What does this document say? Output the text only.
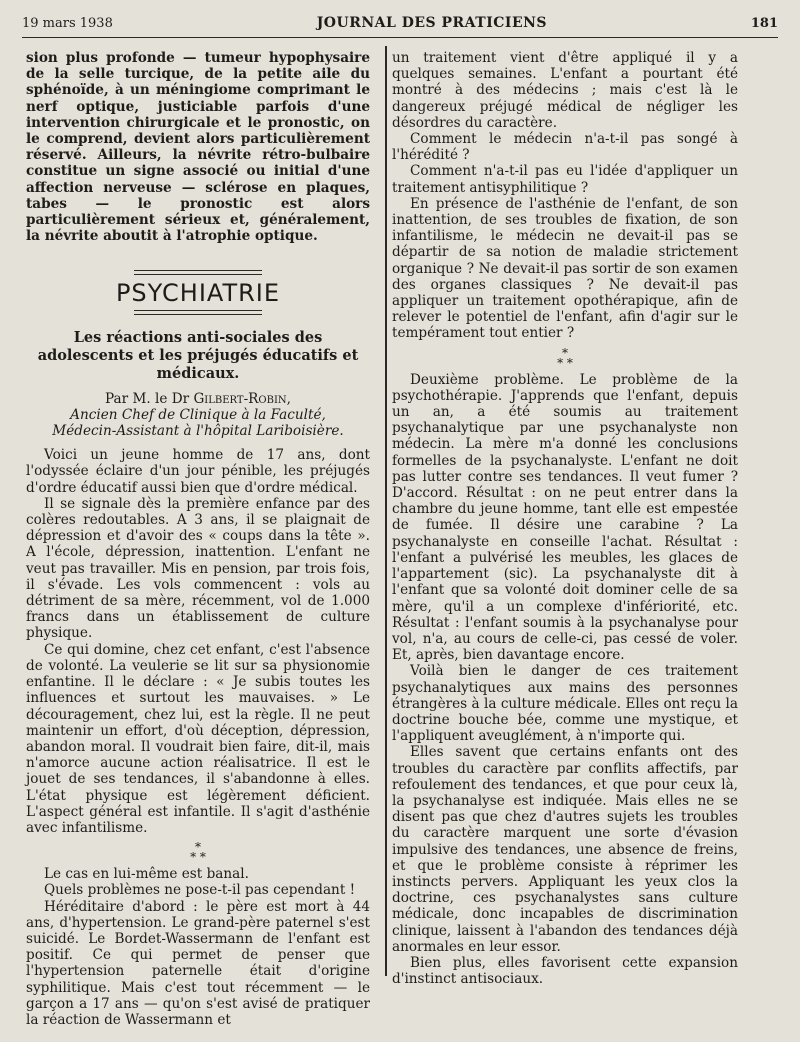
19 mars 1938	JOURNAL DES PRATICIENS	181

sion plus profonde — tumeur hypophysaire de la selle turcique, de la petite aile du sphénoïde, à un méningiome comprimant le nerf optique, justiciable parfois d'une intervention chirurgicale et le pronostic, on le comprend, devient alors particulièrement réservé. Ailleurs, la névrite rétro-bulbaire constitue un signe associé ou initial d'une affection nerveuse — sclérose en plaques, tabes — le pronostic est alors particulièrement sérieux et, généralement, la névrite aboutit à l'atrophie optique.

PSYCHIATRIE
Les réactions anti-sociales des adolescents et les préjugés éducatifs et médicaux.
Par M. le Dr Gilbert-Robin,
Ancien Chef de Clinique à la Faculté,
Médecin-Assistant à l'hôpital Lariboisière.

Voici un jeune homme de 17 ans, dont l'odyssée éclaire d'un jour pénible, les préjugés d'ordre éducatif aussi bien que d'ordre médical.

Il se signale dès la première enfance par des colères redoutables. A 3 ans, il se plaignait de dépression et d'avoir des « coups dans la tête ». A l'école, dépression, inattention. L'enfant ne veut pas travailler. Mis en pension, par trois fois, il s'évade. Les vols commencent : vols au détriment de sa mère, récemment, vol de 1.000 francs dans un établissement de culture physique.

Ce qui domine, chez cet enfant, c'est l'absence de volonté. La veulerie se lit sur sa physionomie enfantine. Il le déclare : « Je subis toutes les influences et surtout les mauvaises. » Le découragement, chez lui, est la règle. Il ne peut maintenir un effort, d'où déception, dépression, abandon moral. Il voudrait bien faire, dit-il, mais n'amorce aucune action réalisatrice. Il est le jouet de ses tendances, il s'abandonne à elles. L'état physique est légèrement déficient. L'aspect général est infantile. Il s'agit d'asthénie avec infantilisme.

*
* *

Le cas en lui-même est banal.

Quels problèmes ne pose-t-il pas cependant !

Héréditaire d'abord : le père est mort à 44 ans, d'hypertension. Le grand-père paternel s'est suicidé. Le Bordet-Wassermann de l'enfant est positif. Ce qui permet de penser que l'hypertension paternelle était d'origine syphilitique. Mais c'est tout récemment — le garçon a 17 ans — qu'on s'est avisé de pratiquer la réaction de Wassermann et

un traitement vient d'être appliqué il y a quelques semaines. L'enfant a pourtant été montré à des médecins ; mais c'est là le dangereux préjugé médical de négliger les désordres du caractère.

Comment le médecin n'a-t-il pas songé à l'hérédité ?

Comment n'a-t-il pas eu l'idée d'appliquer un traitement antisyphilitique ?

En présence de l'asthénie de l'enfant, de son inattention, de ses troubles de fixation, de son infantilisme, le médecin ne devait-il pas se départir de sa notion de maladie strictement organique ? Ne devait-il pas sortir de son examen des organes classiques ? Ne devait-il pas appliquer un traitement opothérapique, afin de relever le potentiel de l'enfant, afin d'agir sur le tempérament tout entier ?

*
* *

Deuxième problème. Le problème de la psychothérapie. J'apprends que l'enfant, depuis un an, a été soumis au traitement psychanalytique par une psychanalyste non médecin. La mère m'a donné les conclusions formelles de la psychanalyste. L'enfant ne doit pas lutter contre ses tendances. Il veut fumer ? D'accord. Résultat : on ne peut entrer dans la chambre du jeune homme, tant elle est empestée de fumée. Il désire une carabine ? La psychanalyste en conseille l'achat. Résultat : l'enfant a pulvérisé les meubles, les glaces de l'appartement (sic). La psychanalyste dit à l'enfant que sa volonté doit dominer celle de sa mère, qu'il a un complexe d'infériorité, etc. Résultat : l'enfant soumis à la psychanalyse pour vol, n'a, au cours de celle-ci, pas cessé de voler. Et, après, bien davantage encore.

Voilà bien le danger de ces traitement psychanalytiques aux mains des personnes étrangères à la culture médicale. Elles ont reçu la doctrine bouche bée, comme une mystique, et l'appliquent aveuglément, à n'importe qui.

Elles savent que certains enfants ont des troubles du caractère par conflits affectifs, par refoulement des tendances, et que pour ceux là, la psychanalyse est indiquée. Mais elles ne se disent pas que chez d'autres sujets les troubles du caractère marquent une sorte d'évasion impulsive des tendances, une absence de freins, et que le problème consiste à réprimer les instincts pervers. Appliquant les yeux clos la doctrine, ces psychanalystes sans culture médicale, donc incapables de discrimination clinique, laissent à l'abandon des tendances déjà anormales en leur essor.

Bien plus, elles favorisent cette expansion d'instinct antisociaux.
